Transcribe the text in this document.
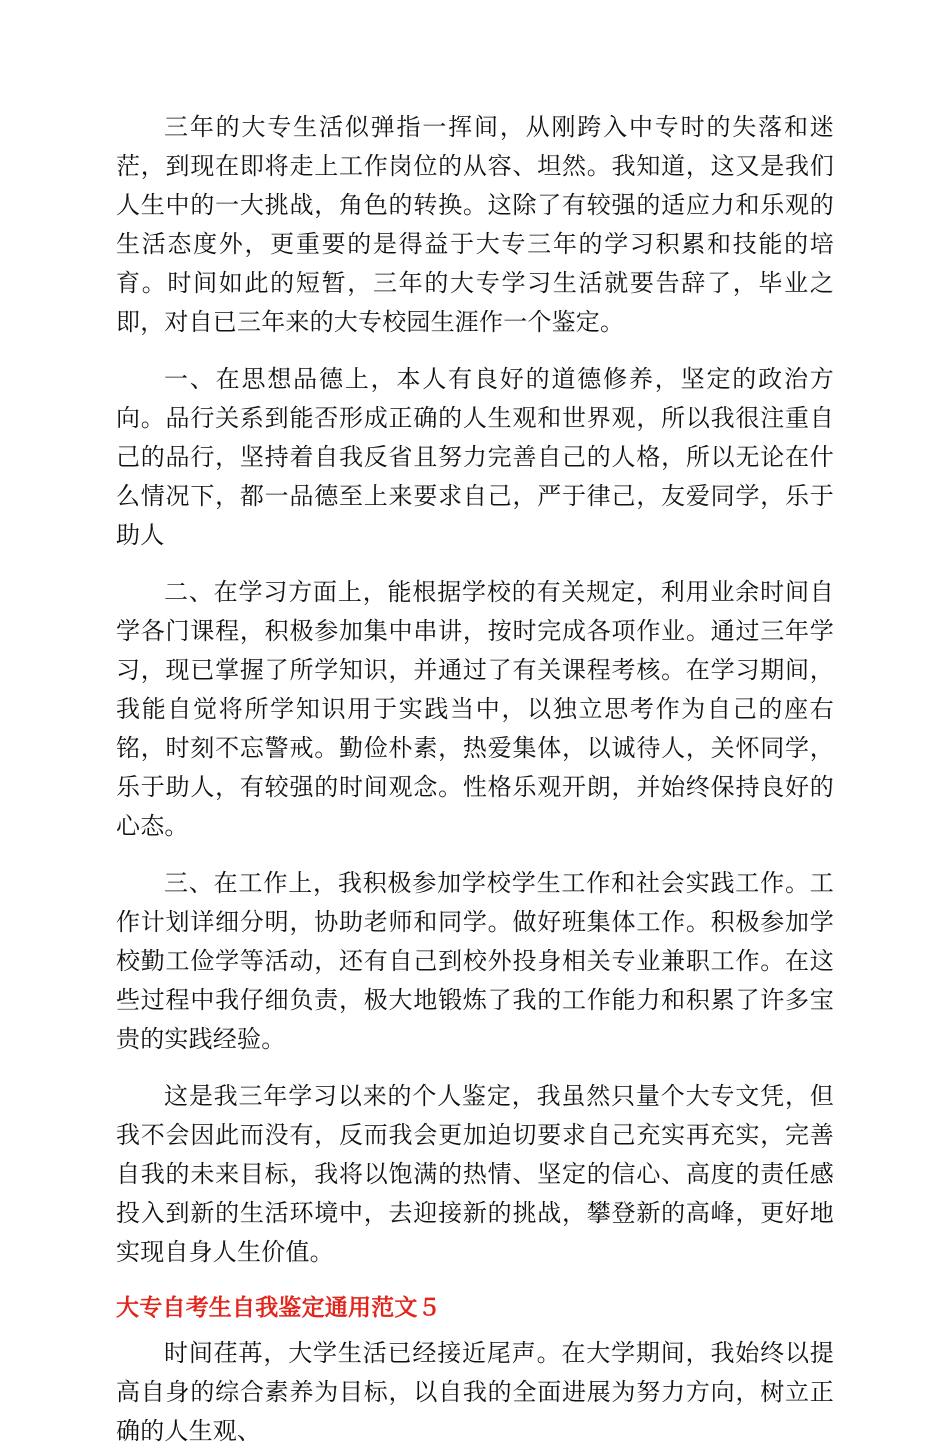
三年的大专生活似弹指一挥间，从刚跨入中专时的失落和迷茫，到现在即将走上工作岗位的从容、坦然。我知道，这又是我们人生中的一大挑战，角色的转换。这除了有较强的适应力和乐观的生活态度外，更重要的是得益于大专三年的学习积累和技能的培育。时间如此的短暂，三年的大专学习生活就要告辞了，毕业之即，对自已三年来的大专校园生涯作一个鉴定。

一、在思想品德上，本人有良好的道德修养，坚定的政治方向。品行关系到能否形成正确的人生观和世界观，所以我很注重自己的品行，坚持着自我反省且努力完善自己的人格，所以无论在什么情况下，都一品德至上来要求自己，严于律己，友爱同学，乐于助人

二、在学习方面上，能根据学校的有关规定，利用业余时间自学各门课程，积极参加集中串讲，按时完成各项作业。通过三年学习，现已掌握了所学知识，并通过了有关课程考核。在学习期间，我能自觉将所学知识用于实践当中，以独立思考作为自己的座右铭，时刻不忘警戒。勤俭朴素，热爱集体，以诚待人，关怀同学，乐于助人，有较强的时间观念。性格乐观开朗，并始终保持良好的心态。

三、在工作上，我积极参加学校学生工作和社会实践工作。工作计划详细分明，协助老师和同学。做好班集体工作。积极参加学校勤工俭学等活动，还有自己到校外投身相关专业兼职工作。在这些过程中我仔细负责，极大地锻炼了我的工作能力和积累了许多宝贵的实践经验。

这是我三年学习以来的个人鉴定，我虽然只量个大专文凭，但我不会因此而没有，反而我会更加迫切要求自己充实再充实，完善自我的未来目标，我将以饱满的热情、坚定的信心、高度的责任感投入到新的生活环境中，去迎接新的挑战，攀登新的高峰，更好地实现自身人生价值。

大专自考生自我鉴定通用范文５

时间荏苒，大学生活已经接近尾声。在大学期间，我始终以提高自身的综合素养为目标，以自我的全面进展为努力方向，树立正确的人生观、
